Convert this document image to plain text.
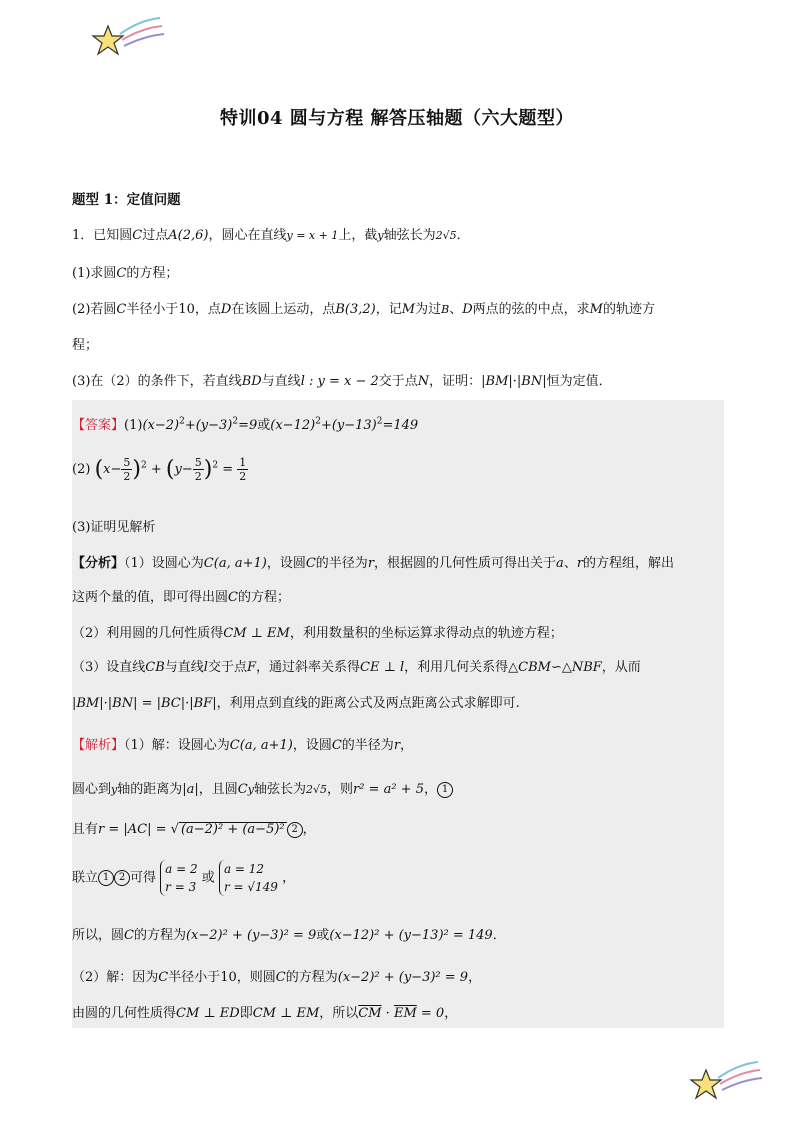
特训04 圆与方程 解答压轴题（六大题型）
题型 1：定值问题
1．已知圆C过点A(2,6)，圆心在直线y = x + 1上，截y轴弦长为2√5．
(1)求圆C的方程；
(2)若圆C半径小于10，点D在该圆上运动，点B(3,2)，记M为过B、D两点的弦的中点，求M的轨迹方
程；
(3)在（2）的条件下，若直线BD与直线l : y = x − 2交于点N，证明：|BM|·|BN|恒为定值．
【答案】$(1)(x-2)^2+(y-3)^2=9$或$(x-12)^2+(y-13)^2=149$
(2) $(x- \frac{5}{2} )^2 + (y- \frac{5}{2} )^2 = \frac{1}{2}$
(3)证明见解析
【分析】（1）设圆心为C(a, a+1)，设圆C的半径为r，根据圆的几何性质可得出关于a、r的方程组，解出
这两个量的值，即可得出圆C的方程；
（2）利用圆的几何性质得CM ⊥ EM，利用数量积的坐标运算求得动点的轨迹方程；
（3）设直线CB与直线l交于点F，通过斜率关系得CE ⊥ l，利用几何关系得△CBM∽△NBF，从而
|BM|·|BN| = |BC|·|BF|，利用点到直线的距离公式及两点距离公式求解即可.
【解析】（1）解：设圆心为C(a, a+1)，设圆C的半径为r，
圆心到y轴的距离为|a|，且圆Cy轴弦长为2√5，则r² = a² + 5， 1
且有r = |AC| = √ (a−2)² + (a−5)² 2 ，
联立 1 2 可得
a = 2
r = 3
或
a = 12
r = √149
，
所以，圆C的方程为(x−2)² + (y−3)² = 9或(x−12)² + (y−13)² = 149．
（2）解：因为C半径小于10，则圆C的方程为(x−2)² + (y−3)² = 9，
由圆的几何性质得CM ⊥ ED即CM ⊥ EM，所以$\overline{CM} \cdot \overline{EM} = 0$，
